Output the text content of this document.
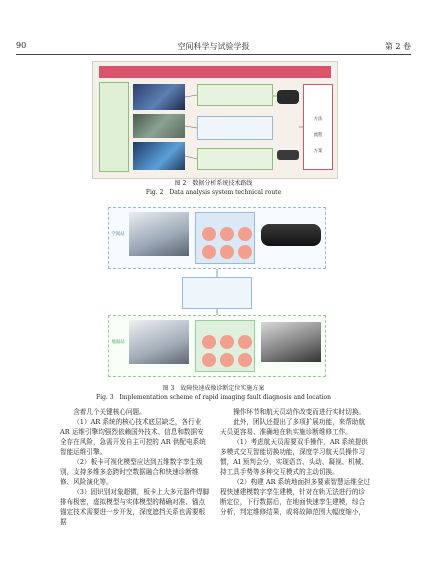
90	空间科学与试验学报	第 2 卷
方法
流程
方案
图 2　数据分析系统技术路线
Fig. 2　Data analysis system technical route
空间站
地面站
图 3　故障快速成像诊断定位实施方案
Fig. 3　Implementation scheme of rapid imaging fault diagnosis and location

含着几个关键核心问题。

（1）AR 系统的核心技术底层缺乏，各行业 AR 运维引擎均强烈依赖国外技术、信息和数据安全存在风险，急需开发自主可控的 AR 供配电系统智能运维引擎。

（2）板卡可视化模型应达到五维数字孪生级别，支持多维多态跨时空数据融合和快速诊断维修、风险演化等。

（3）固识别对象超微，板卡上大多元器件焊脚排布极密，虚拟模型与实体模型的精确对准、锚点锚定技术需要进一步开发，深度遮挡关系也需要根据

操作环节和航天员动作改变而进行实时切换。

此外，团队还提出了多项扩展功能，来帮助航天员更容易、准确地在轨实施诊断维修工作。

（1）考虑航天员需要双手操作，AR 系统提供多模式交互智能切换功能，深度学习航天员操作习惯，AI 预判会分，实现语音、头动、凝视、机械、持工具手势等多种交互模式的主动切换。

（2）构建 AR 系统地面担多要素智慧运维全过程快速建模数字孪生建模，针对在轨无法进行的诊断定位，下行数据后，在地面快速孪生建模，综合分析，判定维修结果，或将故障范围大幅度缩小，
